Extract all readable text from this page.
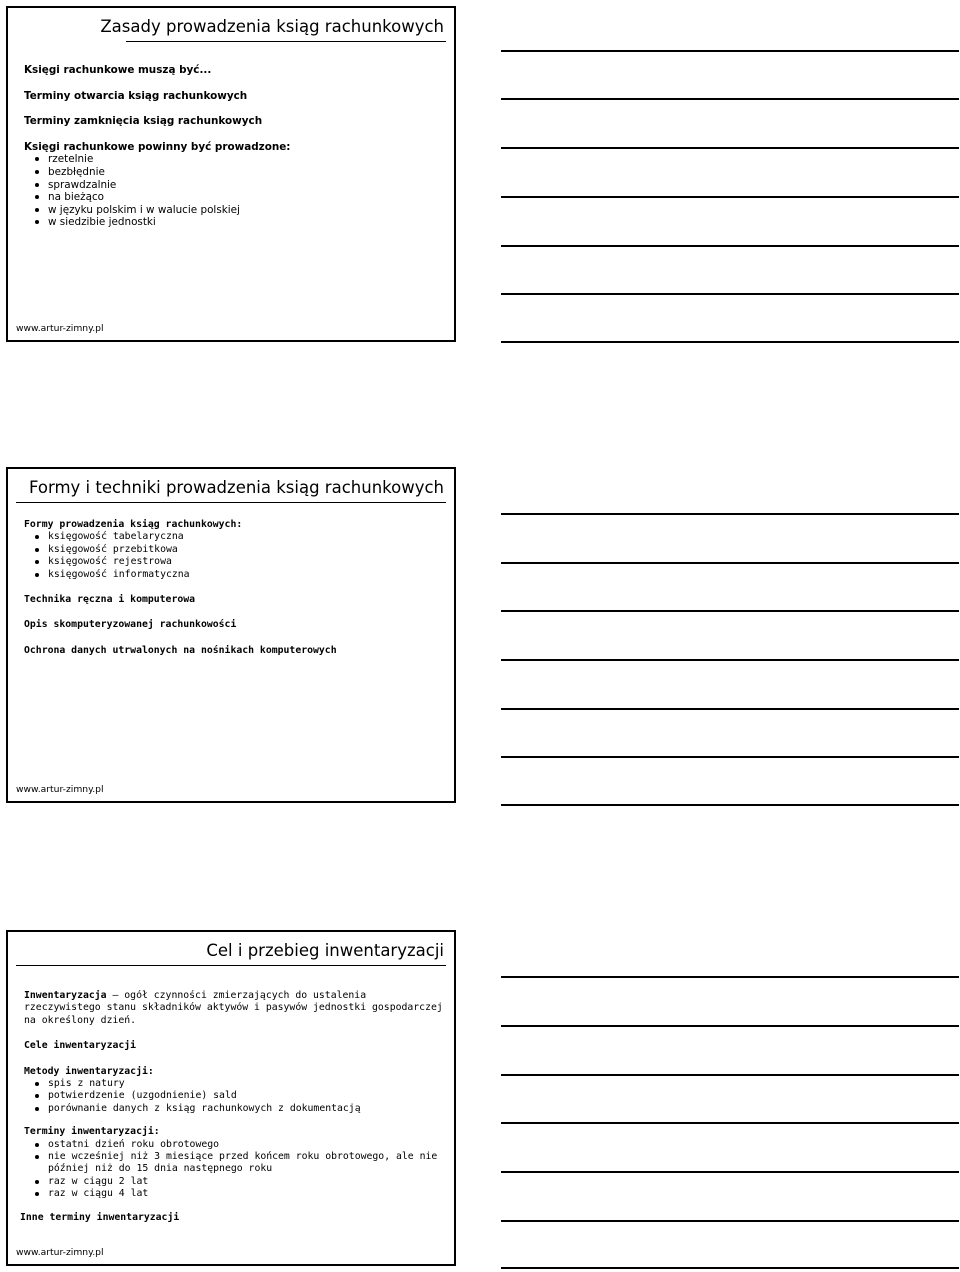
Zasady prowadzenia ksiąg rachunkowych

Księgi rachunkowe muszą być...

Terminy otwarcia ksiąg rachunkowych

Terminy zamknięcia ksiąg rachunkowych

Księgi rachunkowe powinny być prowadzone:

rzetelnie
bezbłędnie
sprawdzalnie
na bieżąco
w języku polskim i w walucie polskiej
w siedzibie jednostki
www.artur-zimny.pl
Formy i techniki prowadzenia ksiąg rachunkowych

Formy prowadzenia ksiąg rachunkowych:

księgowość tabelaryczna
księgowość przebitkowa
księgowość rejestrowa
księgowość informatyczna

Technika ręczna i komputerowa

Opis skomputeryzowanej rachunkowości

Ochrona danych utrwalonych na nośnikach komputerowych

www.artur-zimny.pl
Cel i przebieg inwentaryzacji

Inwentaryzacja – ogół czynności zmierzających do ustalenia rzeczywistego stanu składników aktywów i pasywów jednostki gospodarczej na określony dzień.

Cele inwentaryzacji

Metody inwentaryzacji:

spis z natury
potwierdzenie (uzgodnienie) sald
porównanie danych z ksiąg rachunkowych z dokumentacją

Terminy inwentaryzacji:

ostatni dzień roku obrotowego
nie wcześniej niż 3 miesiące przed końcem roku obrotowego, ale nie później niż do 15 dnia następnego roku
raz w ciągu 2 lat
raz w ciągu 4 lat

Inne terminy inwentaryzacji

www.artur-zimny.pl
